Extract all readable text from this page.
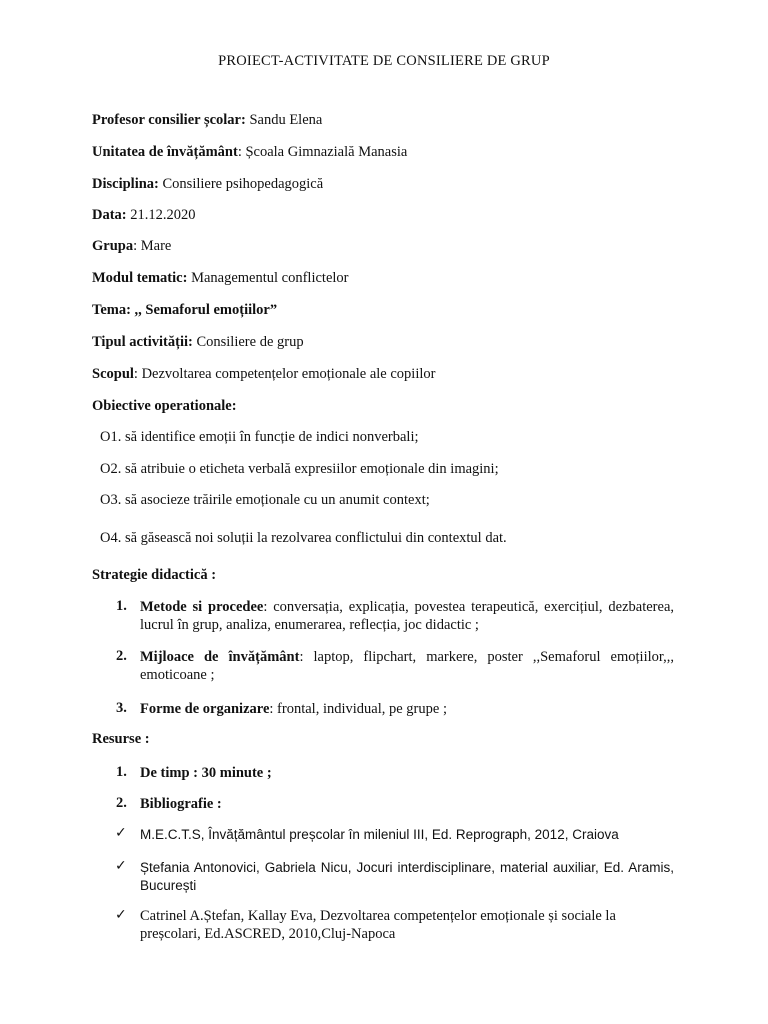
PROIECT-ACTIVITATE DE CONSILIERE DE GRUP
Profesor consilier școlar: Sandu Elena
Unitatea de învățământ: Școala Gimnazială Manasia
Disciplina: Consiliere psihopedagogică
Data: 21.12.2020
Grupa: Mare
Modul tematic: Managementul conflictelor
Tema: ,, Semaforul emoțiilor”
Tipul activității: Consiliere de grup
Scopul: Dezvoltarea competențelor emoționale ale copiilor
Obiective operationale:
O1. să identifice emoții în funcție de indici nonverbali;
O2. să atribuie o eticheta verbală expresiilor emoționale din imagini;
O3. să asocieze trăirile emoționale cu un anumit context;
O4. să găsească noi soluții la rezolvarea conflictului din contextul dat.
Strategie didactică :
1. Metode si procedee: conversația, explicația, povestea terapeutică, exercițiul, dezbaterea, lucrul în grup, analiza, enumerarea, reflecția, joc didactic ;
2. Mijloace de învățământ: laptop, flipchart, markere, poster ,,Semaforul emoțiilor,,, emoticoane ;
3. Forme de organizare: frontal, individual, pe grupe ;
Resurse :
1. De timp : 30 minute ;
2. Bibliografie :
✓ M.E.C.T.S, Învățământul preșcolar în mileniul III, Ed. Reprograph, 2012, Craiova
✓ Ștefania Antonovici, Gabriela Nicu, Jocuri interdisciplinare, material auxiliar, Ed. Aramis, București
✓ Catrinel A.Ștefan, Kallay Eva, Dezvoltarea competențelor emoționale și sociale la preșcolari, Ed.ASCRED, 2010,Cluj-Napoca
